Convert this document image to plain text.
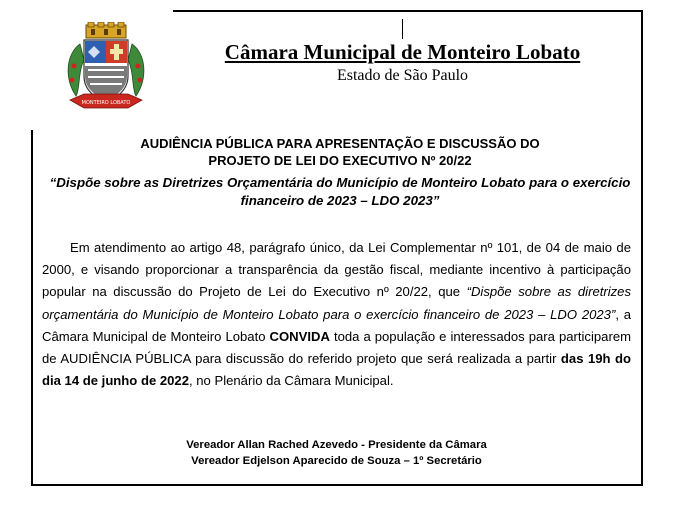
MONTEIRO LOBATO
Câmara Municipal de Monteiro Lobato
Estado de São Paulo
AUDIÊNCIA PÚBLICA PARA APRESENTAÇÃO E DISCUSSÃO DO
PROJETO DE LEI DO EXECUTIVO Nº 20/22
“Dispõe sobre as Diretrizes Orçamentária do Município de Monteiro Lobato para o exercício financeiro de 2023 – LDO 2023”
Em atendimento ao artigo 48, parágrafo único, da Lei Complementar nº 101, de 04 de maio de 2000, e visando proporcionar a transparência da gestão fiscal, mediante incentivo à participação popular na discussão do Projeto de Lei do Executivo nº 20/22, que “Dispõe sobre as diretrizes orçamentária do Município de Monteiro Lobato para o exercício financeiro de 2023 – LDO 2023”, a Câmara Municipal de Monteiro Lobato CONVIDA toda a população e interessados para participarem de AUDIÊNCIA PÚBLICA para discussão do referido projeto que será realizada a partir das 19h do dia 14 de junho de 2022, no Plenário da Câmara Municipal.
Vereador Allan Rached Azevedo - Presidente da Câmara
Vereador Edjelson Aparecido de Souza – 1º Secretário
